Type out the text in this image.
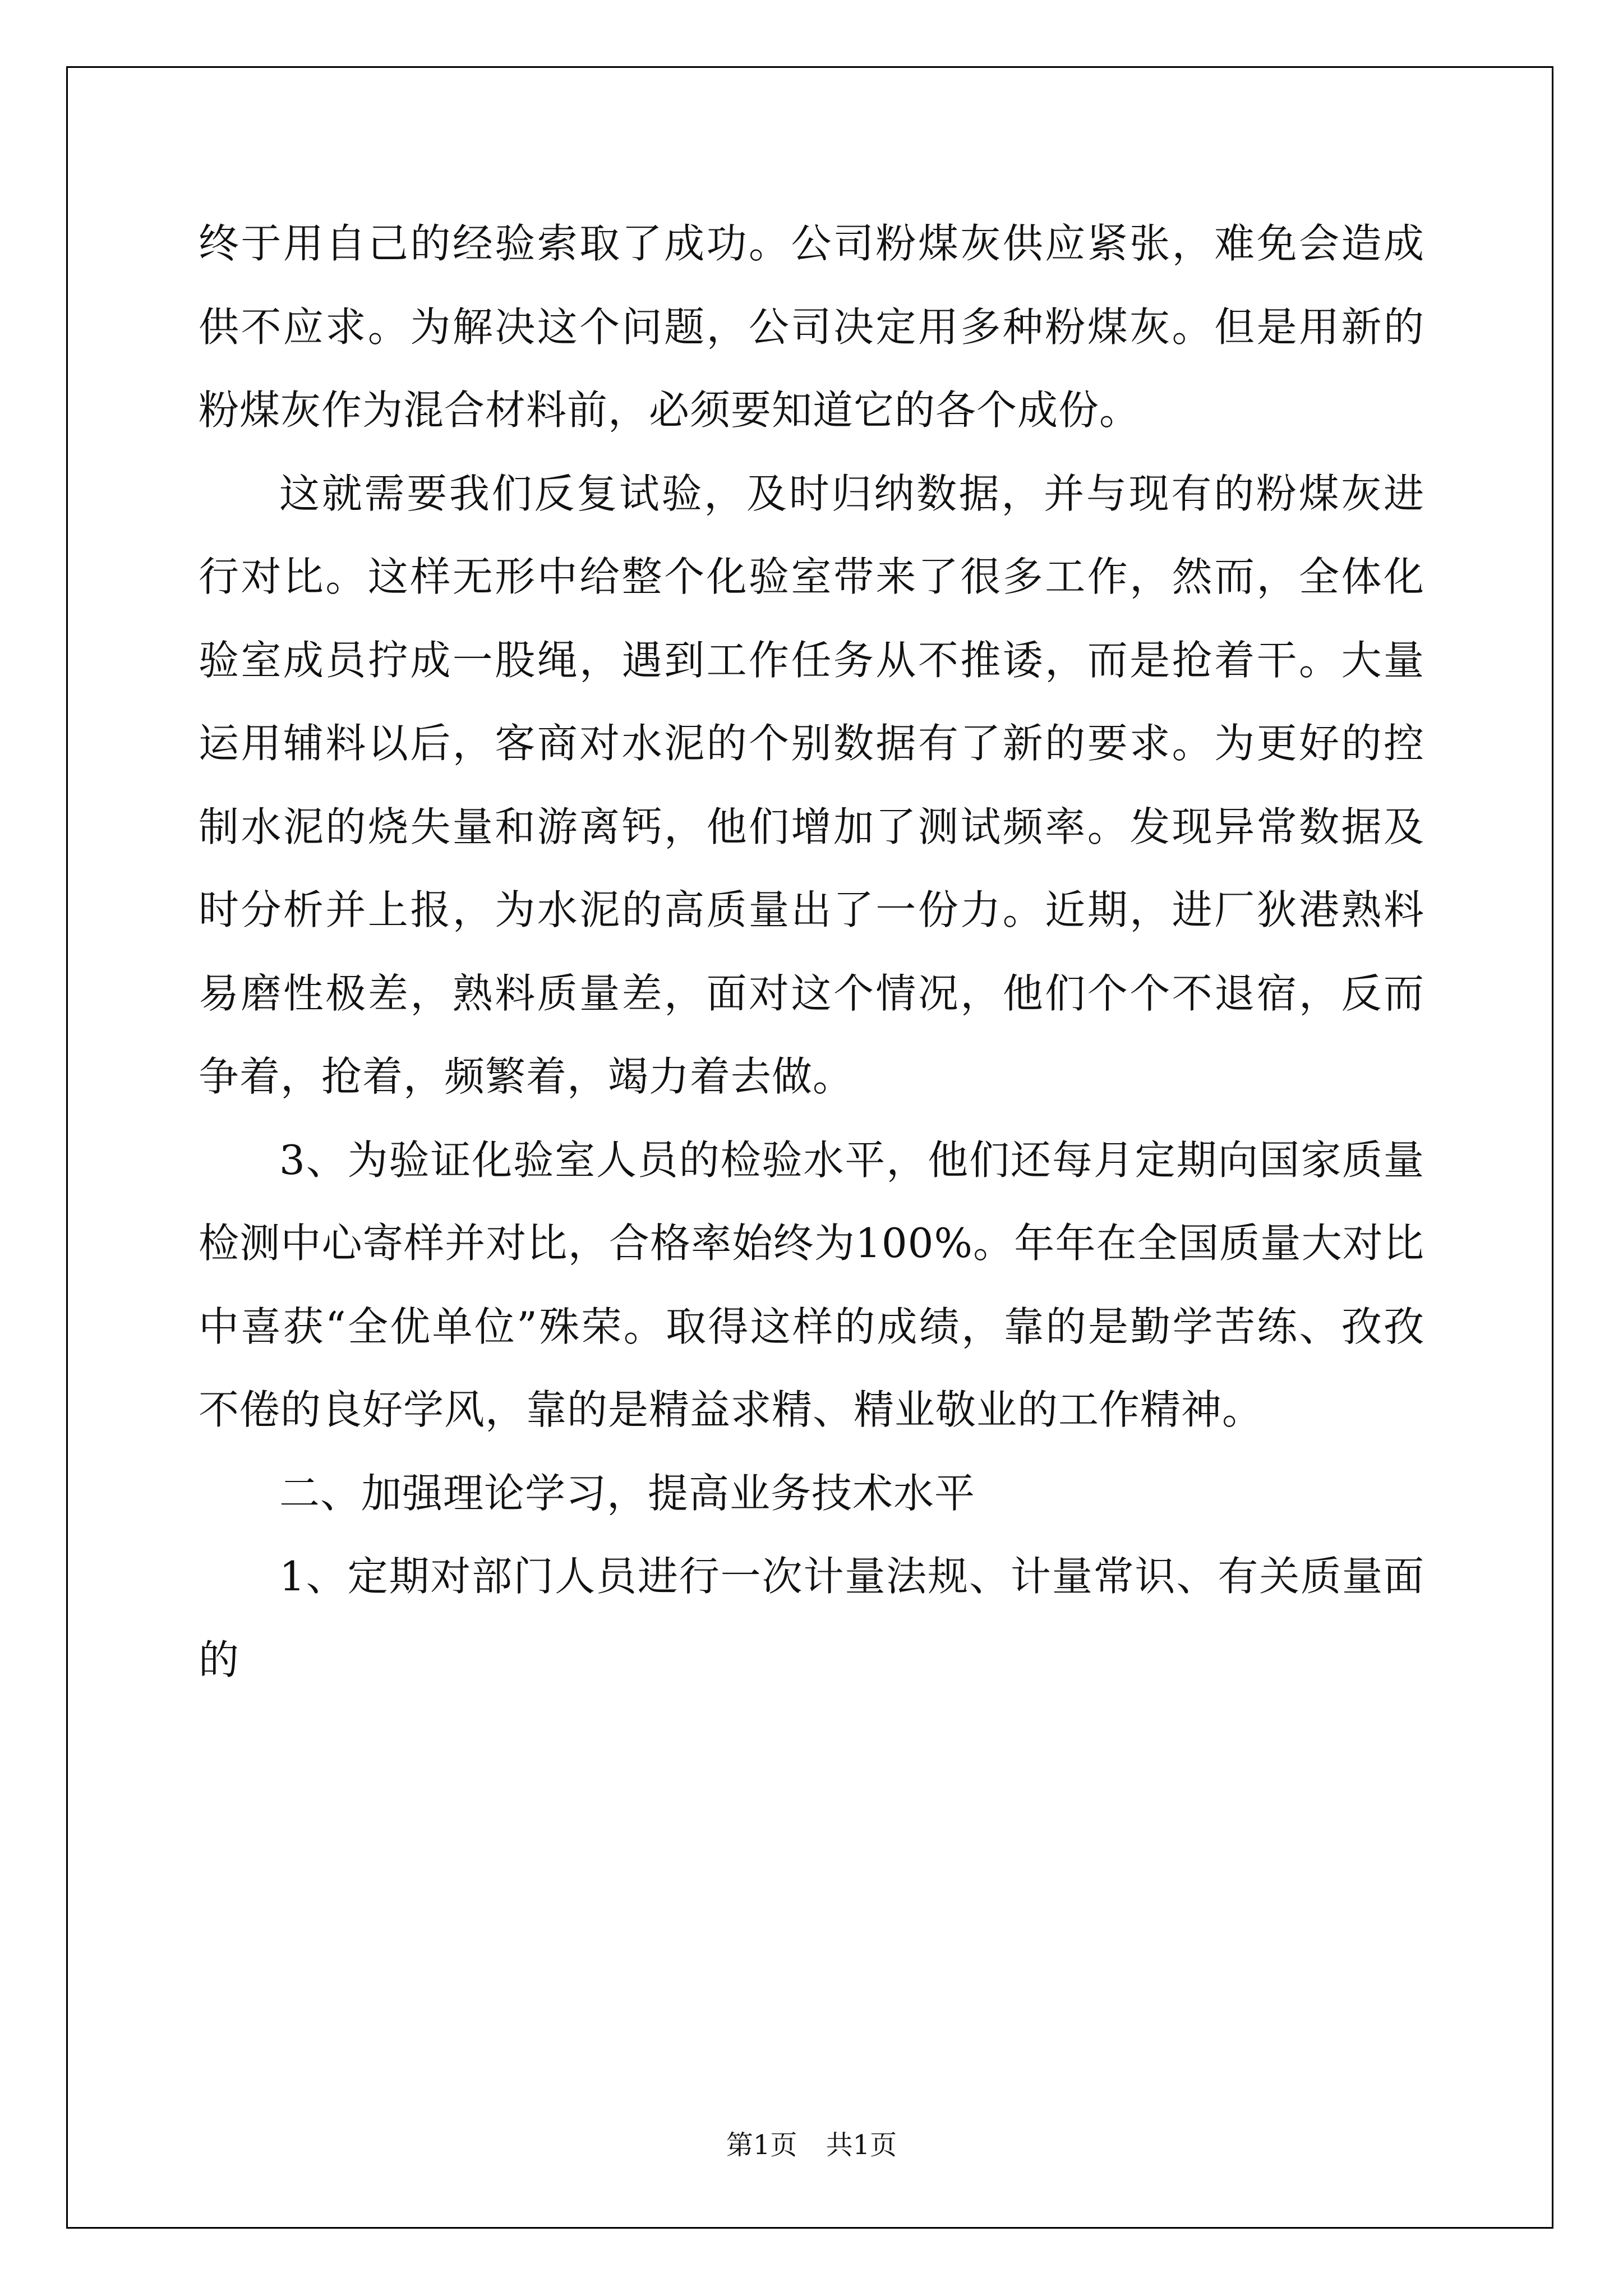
终于用自己的经验索取了成功。公司粉煤灰供应紧张，难免会造成供不应求。为解决这个问题，公司决定用多种粉煤灰。但是用新的粉煤灰作为混合材料前，必须要知道它的各个成份。

这就需要我们反复试验，及时归纳数据，并与现有的粉煤灰进行对比。这样无形中给整个化验室带来了很多工作，然而，全体化验室成员拧成一股绳，遇到工作任务从不推诿，而是抢着干。大量运用辅料以后，客商对水泥的个别数据有了新的要求。为更好的控制水泥的烧失量和游离钙，他们增加了测试频率。发现异常数据及时分析并上报，为水泥的高质量出了一份力。近期，进厂狄港熟料易磨性极差，熟料质量差，面对这个情况，他们个个不退宿，反而争着，抢着，频繁着，竭力着去做。

3、为验证化验室人员的检验水平，他们还每月定期向国家质量检测中心寄样并对比，合格率始终为100%。年年在全国质量大对比中喜获“全优单位”殊荣。取得这样的成绩，靠的是勤学苦练、孜孜不倦的良好学风，靠的是精益求精、精业敬业的工作精神。

二、加强理论学习，提高业务技术水平

1、定期对部门人员进行一次计量法规、计量常识、有关质量面的

第1页 共1页
